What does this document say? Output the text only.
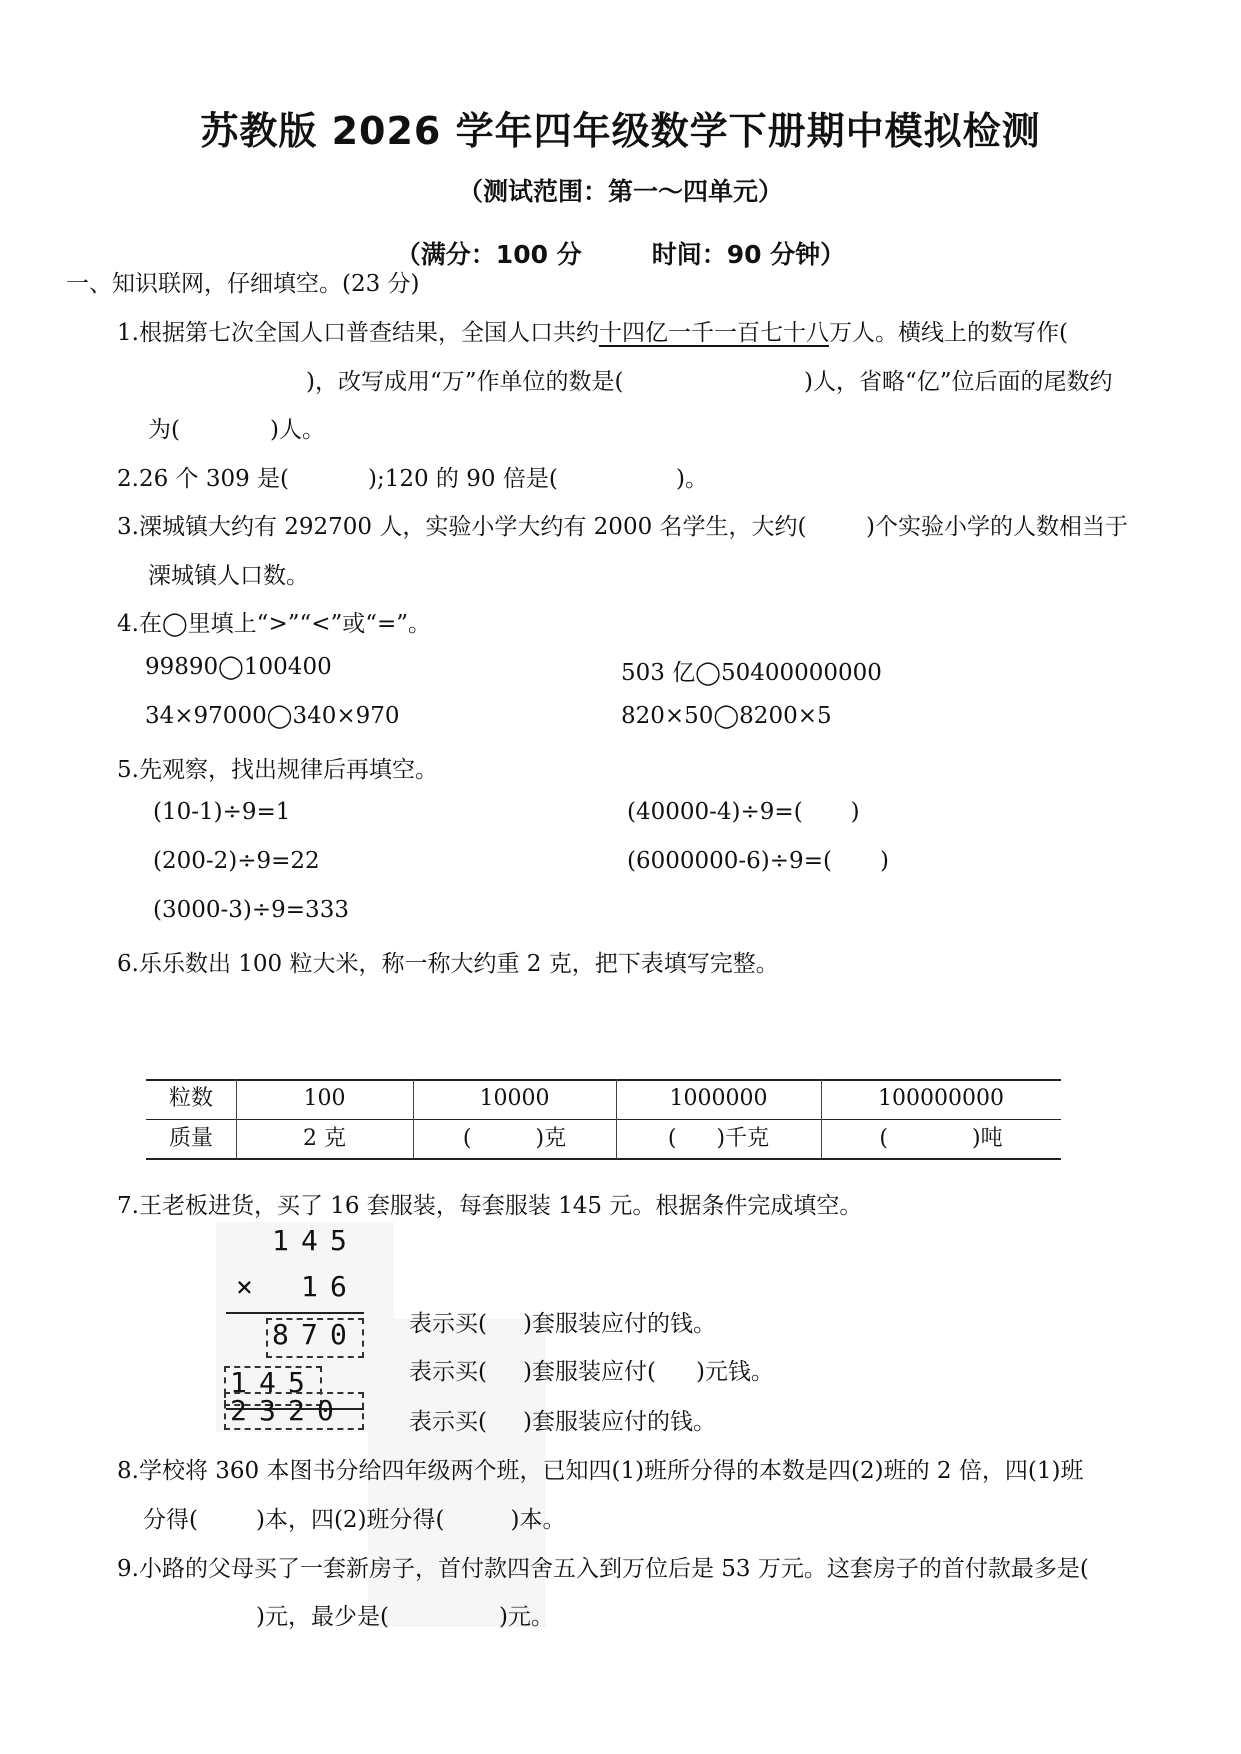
苏教版 2026 学年四年级数学下册期中模拟检测
（测试范围：第一～四单元）
（满分：100 分	时间：90 分钟）
一、知识联网，仔细填空。(23 分)
1.根据第七次全国人口普查结果，全国人口共约十四亿一千一百七十八万人。横线上的数写作(
)，改写成用“万”作单位的数是(	)人，省略“亿”位后面的尾数约
为(	)人。
2.26 个 309 是(	);120 的 90 倍是(	)。
3.溧城镇大约有 292700 人，实验小学大约有 2000 名学生，大约(	)个实验小学的人数相当于
溧城镇人口数。
4.在◯里填上“>”“<”或“=”。
99890◯100400	503 亿◯50400000000
34×97000◯340×970	820×50◯8200×5
5.先观察，找出规律后再填空。
(10-1)÷9=1
(200-2)÷9=22
(3000-3)÷9=333
(40000-4)÷9=( )
(6000000-6)÷9=( )
6.乐乐数出 100 粒大米，称一称大约重 2 克，把下表填写完整。
粒数	100	10000	1000000	100000000
质量	2 克	(	)克	( )千克	(	)吨
7.王老板进货，买了 16 套服装，每套服装 145 元。根据条件完成填空。
1 4 5
× 1 6
8 7 0
1 4 5
2 3 2 0
表示买( )套服装应付的钱。
表示买( )套服装应付( )元钱。
表示买( )套服装应付的钱。
8.学校将 360 本图书分给四年级两个班，已知四(1)班所分得的本数是四(2)班的 2 倍，四(1)班
分得(	)本，四(2)班分得(	)本。
9.小路的父母买了一套新房子，首付款四舍五入到万位后是 53 万元。这套房子的首付款最多是(
)元，最少是(	)元。
